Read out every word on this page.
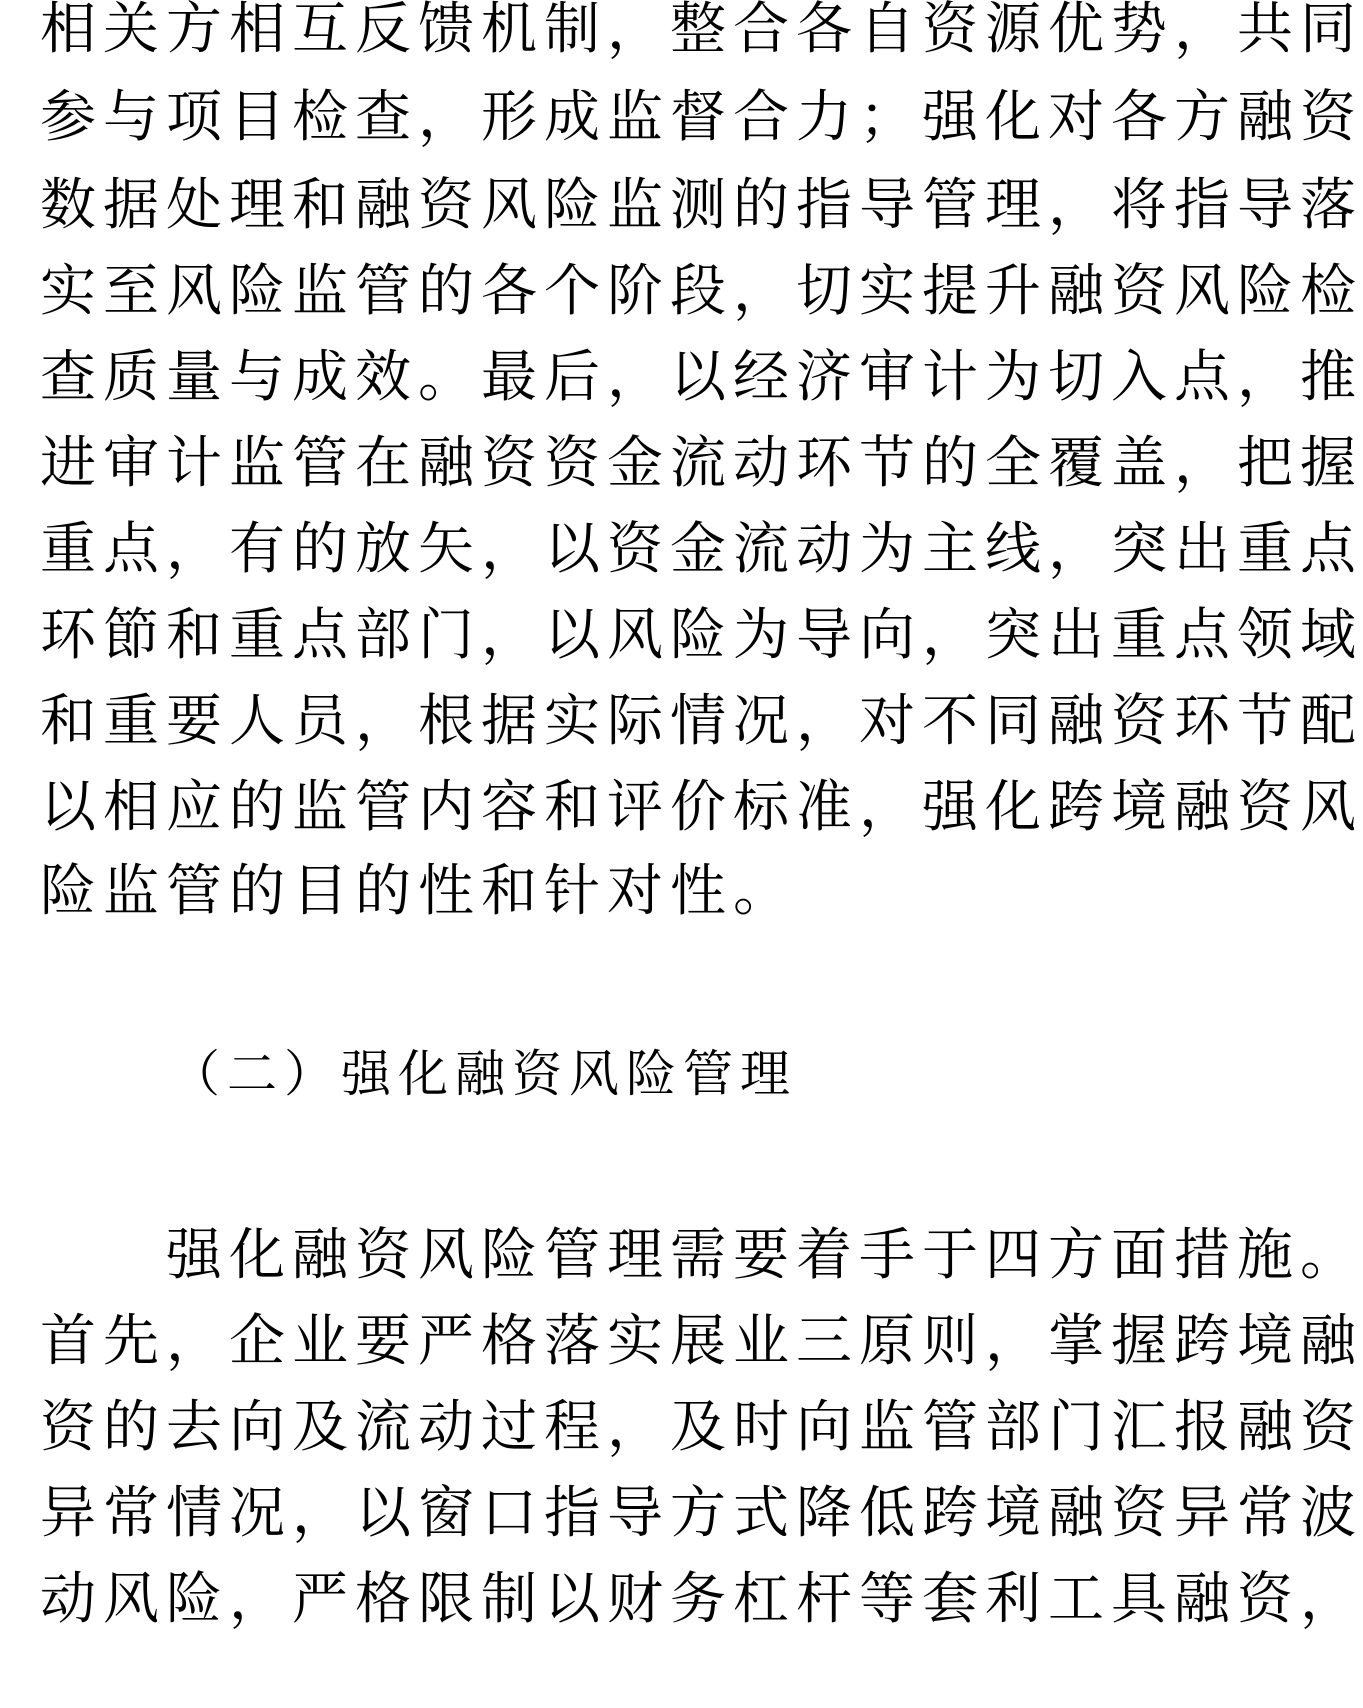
相关方相互反馈机制，整合各自资源优势，共同
参与项目检查，形成监督合力；强化对各方融资
数据处理和融资风险监测的指导管理，将指导落
实至风险监管的各个阶段，切实提升融资风险检
查质量与成效。最后，以经济审计为切入点，推
进审计监管在融资资金流动环节的全覆盖，把握
重点，有的放矢，以资金流动为主线，突出重点
环節和重点部门，以风险为导向，突出重点领域
和重要人员，根据实际情况，对不同融资环节配
以相应的监管内容和评价标准，强化跨境融资风
险监管的目的性和针对性。
（二）强化融资风险管理
　　强化融资风险管理需要着手于四方面措施。
首先，企业要严格落实展业三原则，掌握跨境融
资的去向及流动过程，及时向监管部门汇报融资
异常情况，以窗口指导方式降低跨境融资异常波
动风险，严格限制以财务杠杆等套利工具融资，
